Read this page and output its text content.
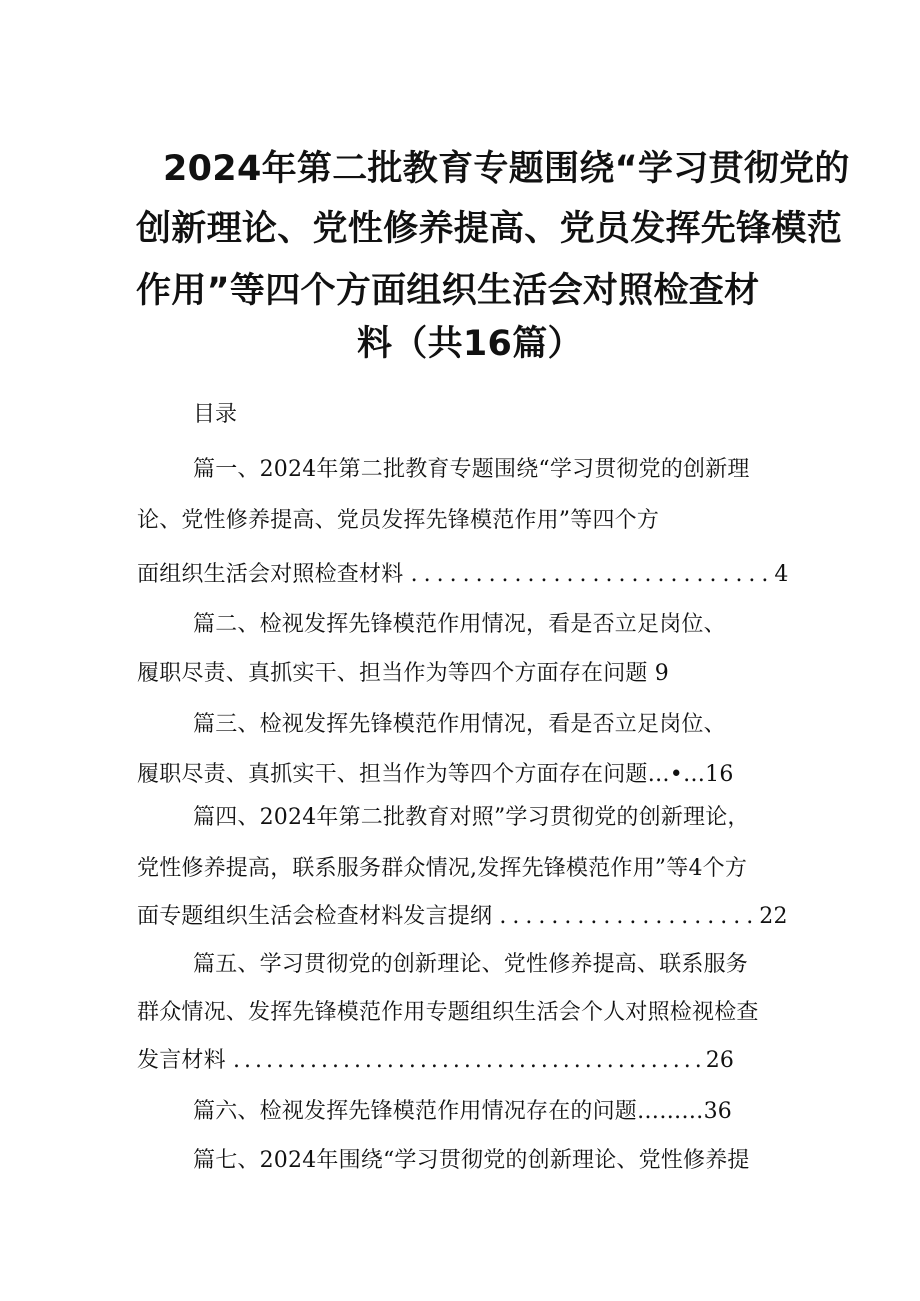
2024年第二批教育专题围绕“学习贯彻党的
创新理论、党性修养提高、党员发挥先锋模范
作用”等四个方面组织生活会对照检查材
料（共16篇）
目录
篇一、2024年第二批教育专题围绕“学习贯彻党的创新理
论、党性修养提高、党员发挥先锋模范作用”等四个方
面组织生活会对照检查材料 ............................4
篇二、检视发挥先锋模范作用情况，看是否立足岗位、
履职尽责、真抓实干、担当作为等四个方面存在问题 9
篇三、检视发挥先锋模范作用情况，看是否立足岗位、
履职尽责、真抓实干、担当作为等四个方面存在问题…•…16
篇四、2024年第二批教育对照”学习贯彻党的创新理论，
党性修养提高，联系服务群众情况,发挥先锋模范作用”等4个方
面专题组织生活会检查材料发言提纲 ....................22
篇五、学习贯彻党的创新理论、党性修养提高、联系服务
群众情况、发挥先锋模范作用专题组织生活会个人对照检视检查
发言材料 ...........................................26
篇六、检视发挥先锋模范作用情况存在的问题………36
篇七、2024年围绕“学习贯彻党的创新理论、党性修养提
